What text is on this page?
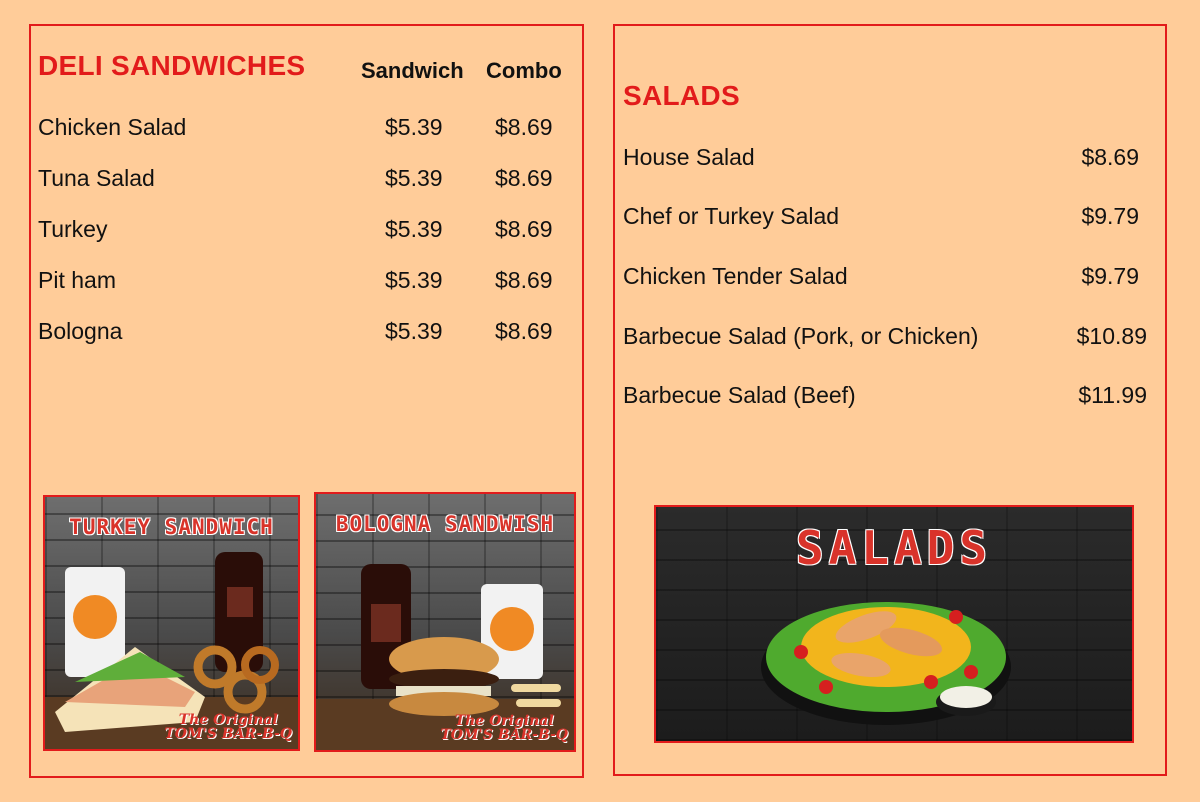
DELI SANDWICHES	Sandwich Combo
Chicken Salad	$5.39 $8.69
Tuna Salad	$5.39 $8.69
Turkey	$5.39 $8.69
Pit ham	$5.39 $8.69
Bologna	$5.39 $8.69
TURKEY SANDWICH
The Original
TOM'S BAR-B-Q
BOLOGNA SANDWISH
The Original
TOM'S BAR-B-Q
SALADS
House Salad	$8.69
Chef or Turkey Salad	$9.79
Chicken Tender Salad	$9.79
Barbecue Salad (Pork, or Chicken)	$10.89
Barbecue Salad (Beef)	$11.99
SALADS
